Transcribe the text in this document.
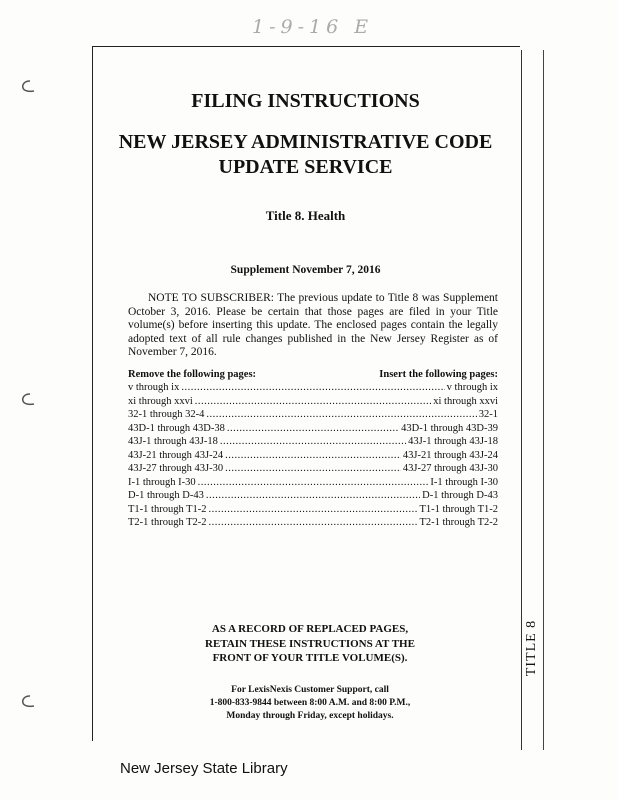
1-9-16 E
TITLE 8
FILING INSTRUCTIONS
NEW JERSEY ADMINISTRATIVE CODE
UPDATE SERVICE
Title 8. Health
Supplement November 7, 2016
NOTE TO SUBSCRIBER: The previous update to Title 8 was Supplement October 3, 2016. Please be certain that those pages are filed in your Title volume(s) before inserting this update. The enclosed pages contain the legally adopted text of all rule changes published in the New Jersey Register as of November 7, 2016.
Remove the following pages:	Insert the following pages:
v through ix .....	v through ix
xi through xxvi .....	xi through xxvi
32-1 through 32-4 .....	32-1
43D-1 through 43D-38 .....	43D-1 through 43D-39
43J-1 through 43J-18 .....	43J-1 through 43J-18
43J-21 through 43J-24 .....	43J-21 through 43J-24
43J-27 through 43J-30 .....	43J-27 through 43J-30
I-1 through I-30 .....	I-1 through I-30
D-1 through D-43 .....	D-1 through D-43
T1-1 through T1-2 .....	T1-1 through T1-2
T2-1 through T2-2 .....	T2-1 through T2-2
AS A RECORD OF REPLACED PAGES,
RETAIN THESE INSTRUCTIONS AT THE
FRONT OF YOUR TITLE VOLUME(S).
For LexisNexis Customer Support, call
1-800-833-9844 between 8:00 A.M. and 8:00 P.M.,
Monday through Friday, except holidays.
New Jersey State Library
